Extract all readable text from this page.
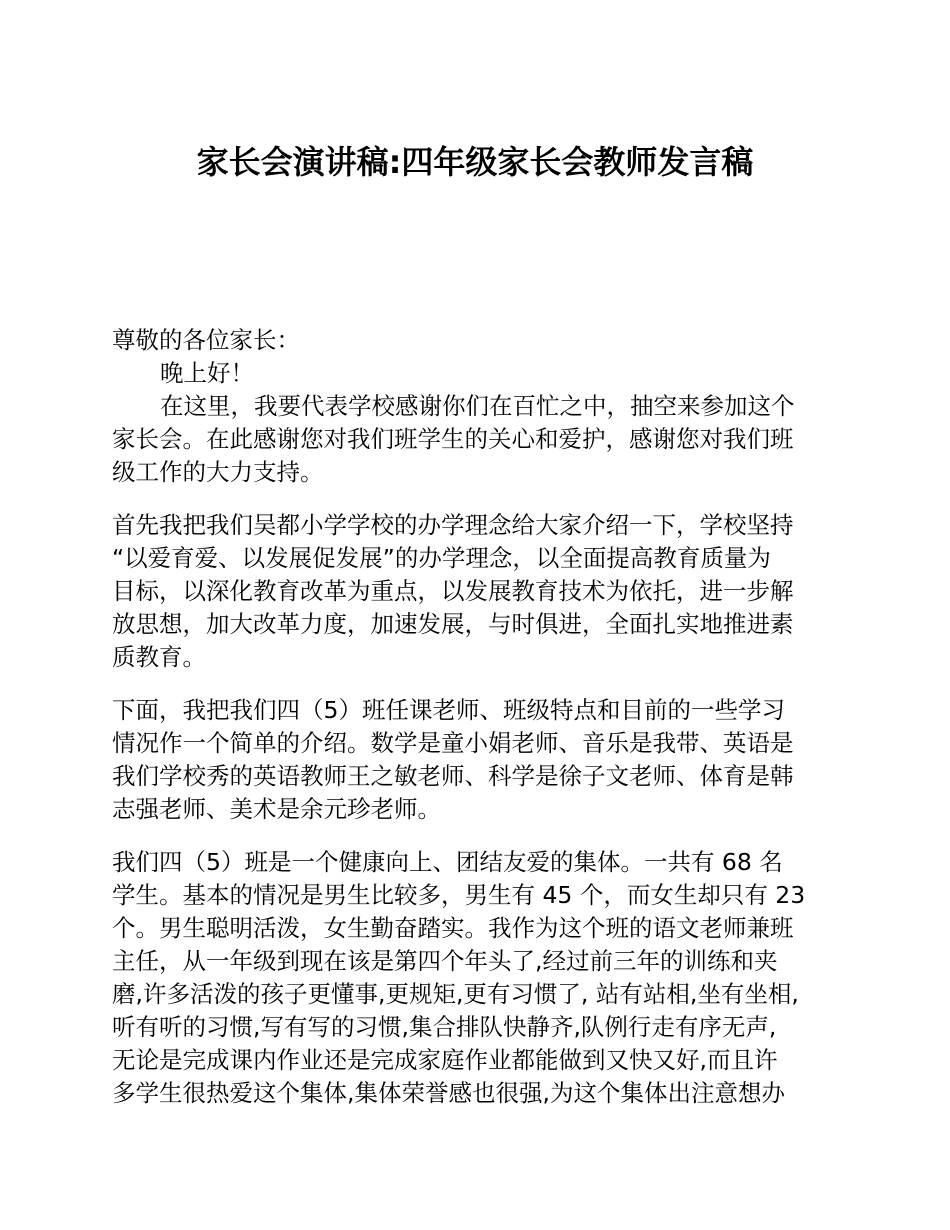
家长会演讲稿:四年级家长会教师发言稿

尊敬的各位家长：

晚上好！

在这里，我要代表学校感谢你们在百忙之中，抽空来参加这个
家长会。在此感谢您对我们班学生的关心和爱护，感谢您对我们班
级工作的大力支持。

首先我把我们吴都小学学校的办学理念给大家介绍一下，学校坚持
“以爱育爱、以发展促发展”的办学理念，以全面提高教育质量为
目标，以深化教育改革为重点，以发展教育技术为依托，进一步解
放思想，加大改革力度，加速发展，与时俱进，全面扎实地推进素
质教育。

下面，我把我们四（5）班任课老师、班级特点和目前的一些学习
情况作一个简单的介绍。数学是童小娟老师、音乐是我带、英语是
我们学校秀的英语教师王之敏老师、科学是徐子文老师、体育是韩
志强老师、美术是余元珍老师。

我们四（5）班是一个健康向上、团结友爱的集体。一共有 68 名
学生。基本的情况是男生比较多，男生有 45 个，而女生却只有 23
个。男生聪明活泼，女生勤奋踏实。我作为这个班的语文老师兼班
主任，从一年级到现在该是第四个年头了,经过前三年的训练和夹
磨,许多活泼的孩子更懂事,更规矩,更有习惯了, 站有站相,坐有坐相,
听有听的习惯,写有写的习惯,集合排队快静齐,队例行走有序无声,
无论是完成课内作业还是完成家庭作业都能做到又快又好,而且许
多学生很热爱这个集体,集体荣誉感也很强,为这个集体出注意想办
